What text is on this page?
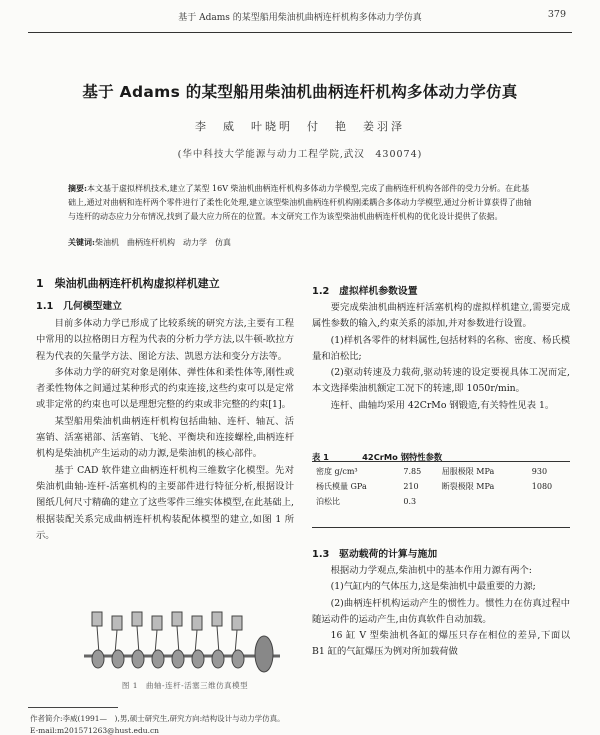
基于 Adams 的某型船用柴油机曲柄连杆机构多体动力学仿真	379
基于 Adams 的某型船用柴油机曲柄连杆机构多体动力学仿真
李　威　叶晓明　付　艳　姜羽泽
(华中科技大学能源与动力工程学院,武汉　430074)
摘要:本文基于虚拟样机技术,建立了某型 16V 柴油机曲柄连杆机构多体动力学模型,完成了曲柄连杆机构各部件的受力分析。在此基础上,通过对曲柄和连杆两个零件进行了柔性化处理,建立该型柴油机曲柄连杆机构刚柔耦合多体动力学模型,通过分析计算获得了曲轴与连杆的动态应力分布情况,找到了最大应力所在的位置。本文研究工作为该型柴油机曲柄连杆机构的优化设计提供了依据。
关键词:柴油机　曲柄连杆机构　动力学　仿真
1　柴油机曲柄连杆机构虚拟样机建立
1.1　几何模型建立

目前多体动力学已形成了比较系统的研究方法,主要有工程中常用的以拉格朗日方程为代表的分析力学方法,以牛顿-欧拉方程为代表的矢量学方法、图论方法、凯恩方法和变分方法等。

多体动力学的研究对象是刚体、弹性体和柔性体等,刚性或者柔性物体之间通过某种形式的约束连接,这些约束可以是定常或非定常的约束也可以是理想完整的约束或非完整的约束[1]。

某型船用柴油机曲柄连杆机构包括曲轴、连杆、轴瓦、活塞销、活塞裙部、活塞销、飞轮、平衡块和连接螺栓,曲柄连杆机构是柴油机产生运动的动力源,是柴油机的核心部件。

基于 CAD 软件建立曲柄连杆机构三维数字化模型。先对柴油机曲轴-连杆-活塞机构的主要部件进行特征分析,根据设计图纸几何尺寸精确的建立了这些零件三维实体模型,在此基础上,根据装配关系完成曲柄连杆机构装配体模型的建立,如图 1 所示。

图 1　曲轴-连杆-活塞三维仿真模型
1.2　虚拟样机参数设置

要完成柴油机曲柄连杆活塞机构的虚拟样机建立,需要完成属性参数的输入,约束关系的添加,并对参数进行设置。

(1)样机各零件的材料属性,包括材料的名称、密度、杨氏模量和泊松比;

(2)驱动转速及力载荷,驱动转速的设定要视具体工况而定,本文选择柴油机额定工况下的转速,即 1050r/min。

连杆、曲轴均采用 42CrMo 钢锻造,有关特性见表 1。

表 1　　　　42CrMo 钢特性参数
密度 g/cm³	7.85	屈服极限 MPa	930
杨氏模量 GPa	210	断裂极限 MPa	1080
泊松比	0.3		
1.3　驱动载荷的计算与施加

根据动力学观点,柴油机中的基本作用力源有两个:

(1)气缸内的气体压力,这是柴油机中最重要的力源;

(2)曲柄连杆机构运动产生的惯性力。惯性力在仿真过程中随运动件的运动产生,由仿真软件自动加载。

16 缸 V 型柴油机各缸的爆压只存在相位的差异,下面以 B1 缸的气缸爆压为例对所加载荷做

作者简介:李威(1991—　),男,硕士研究生,研究方向:结构设计与动力学仿真。
E-mail:m201571263@hust.edu.cn
